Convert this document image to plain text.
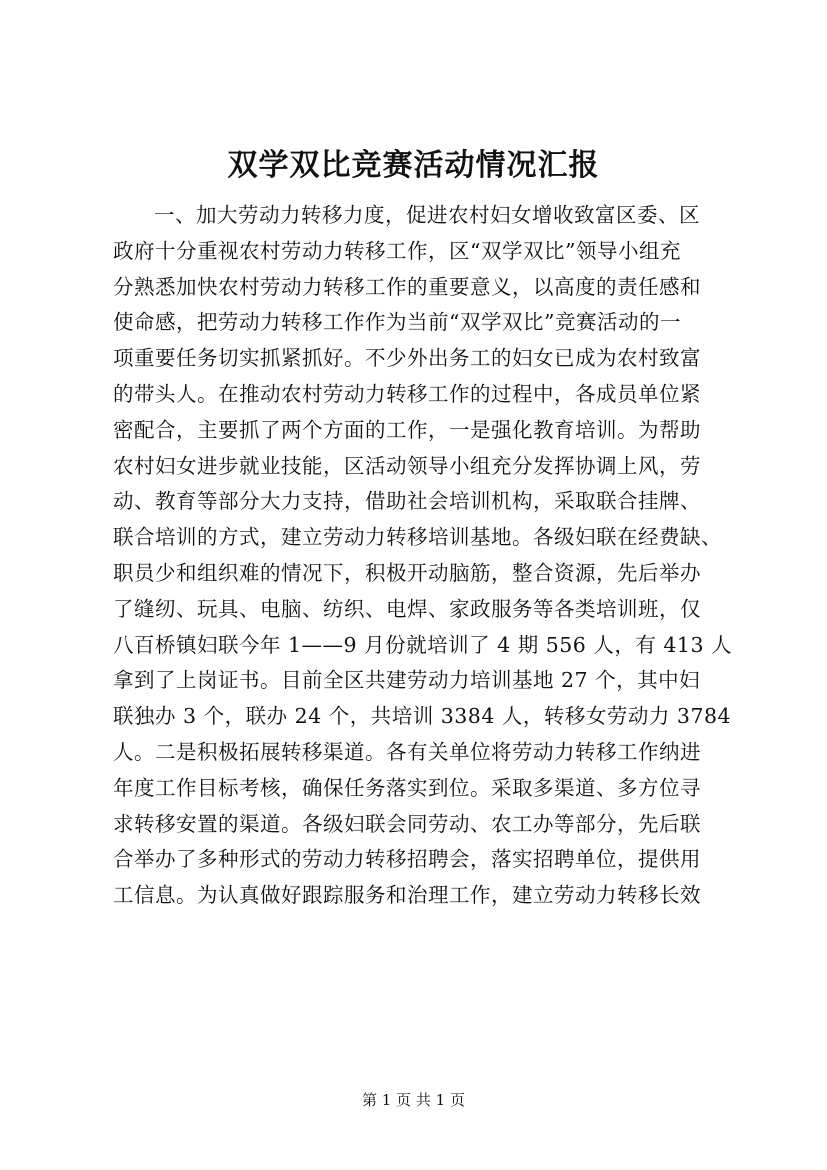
双学双比竞赛活动情况汇报
一、加大劳动力转移力度，促进农村妇女增收致富区委、区
政府十分重视农村劳动力转移工作，区“双学双比”领导小组充
分熟悉加快农村劳动力转移工作的重要意义，以高度的责任感和
使命感，把劳动力转移工作作为当前“双学双比”竞赛活动的一
项重要任务切实抓紧抓好。不少外出务工的妇女已成为农村致富
的带头人。在推动农村劳动力转移工作的过程中，各成员单位紧
密配合，主要抓了两个方面的工作，一是强化教育培训。为帮助
农村妇女进步就业技能，区活动领导小组充分发挥协调上风，劳
动、教育等部分大力支持，借助社会培训机构，采取联合挂牌、
联合培训的方式，建立劳动力转移培训基地。各级妇联在经费缺、
职员少和组织难的情况下，积极开动脑筋，整合资源，先后举办
了缝纫、玩具、电脑、纺织、电焊、家政服务等各类培训班，仅
八百桥镇妇联今年 1——9 月份就培训了 4 期 556 人，有 413 人
拿到了上岗证书。目前全区共建劳动力培训基地 27 个，其中妇
联独办 3 个，联办 24 个，共培训 3384 人，转移女劳动力 3784
人。二是积极拓展转移渠道。各有关单位将劳动力转移工作纳进
年度工作目标考核，确保任务落实到位。采取多渠道、多方位寻
求转移安置的渠道。各级妇联会同劳动、农工办等部分，先后联
合举办了多种形式的劳动力转移招聘会，落实招聘单位，提供用
工信息。为认真做好跟踪服务和治理工作，建立劳动力转移长效
第 1 页 共 1 页
